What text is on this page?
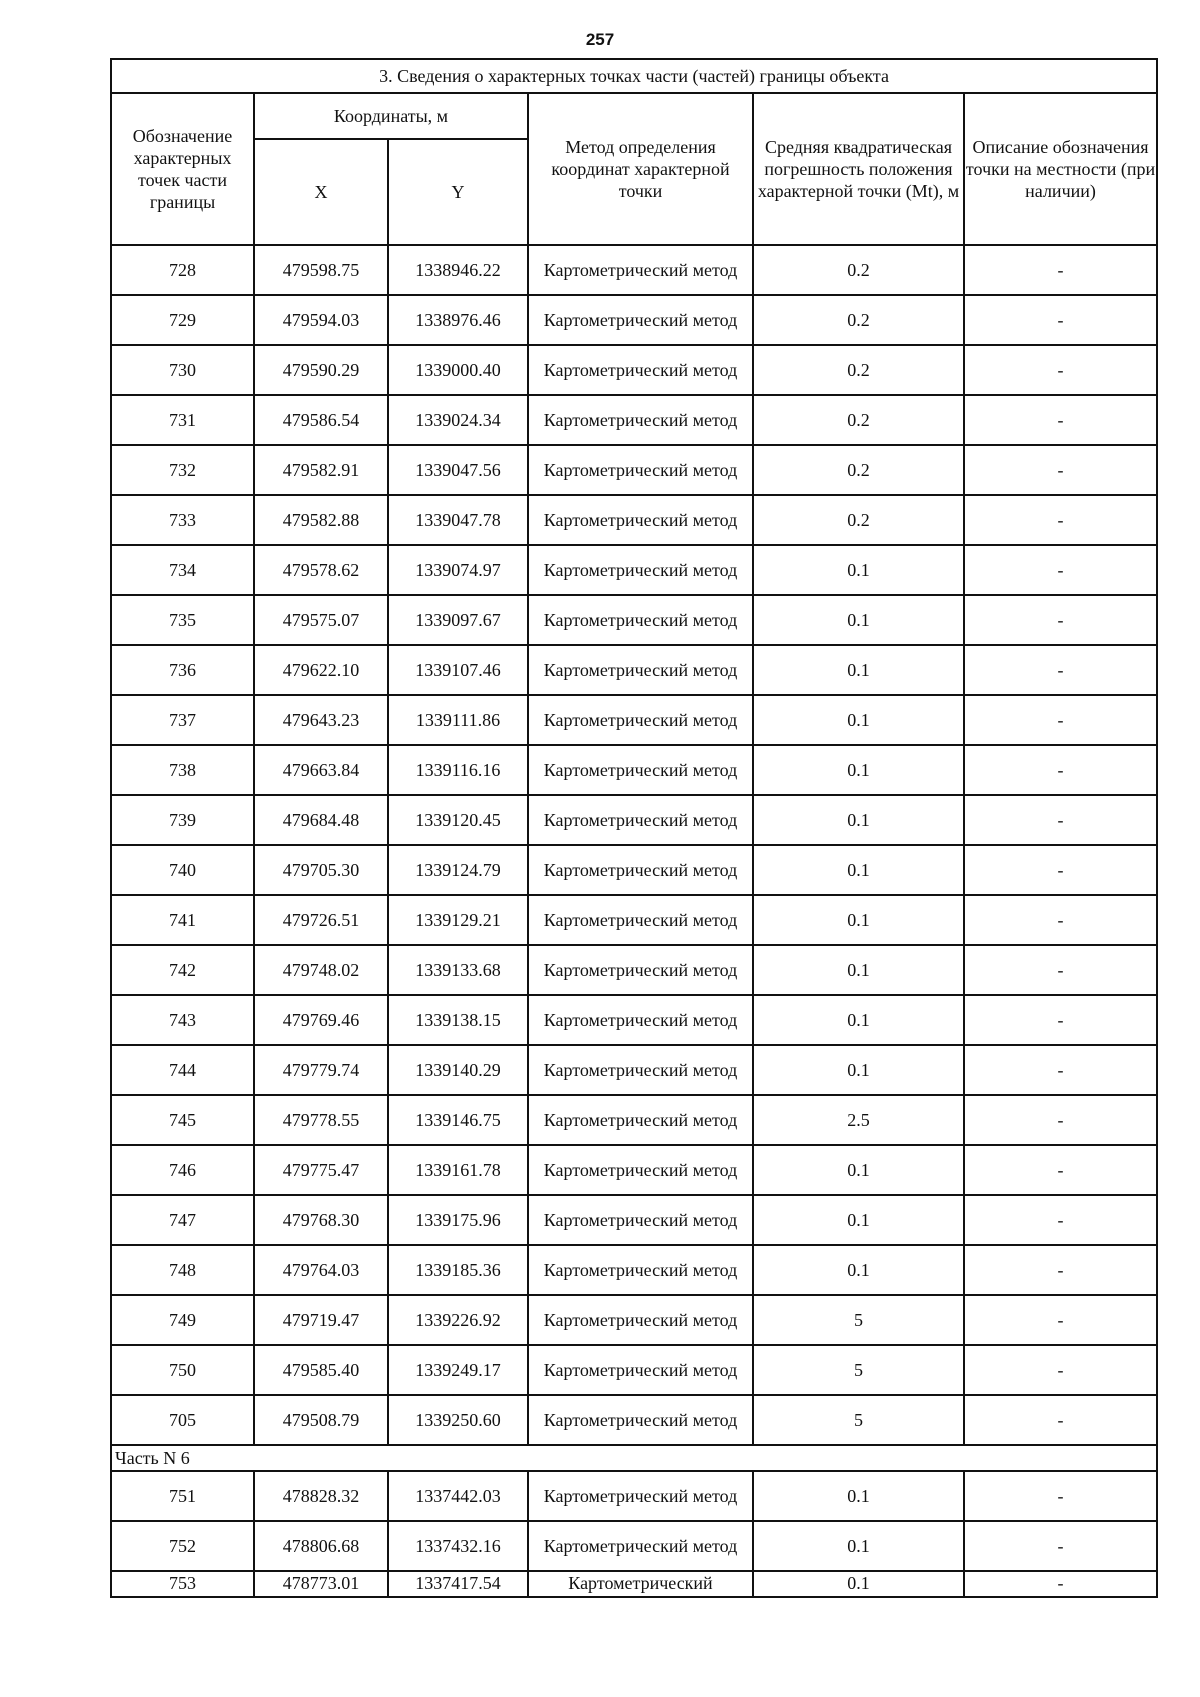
257
3. Сведения о характерных точках части (частей) границы объекта					
Обозначение характерных точек части границы	Координаты, м		Метод определения координат характерной точки	Средняя квадратическая погрешность положения характерной точки (Mt), м	Описание обозначения точки на местности (при наличии)
	X	Y			
728	479598.75	1338946.22	Картометрический метод	0.2	-
729	479594.03	1338976.46	Картометрический метод	0.2	-
730	479590.29	1339000.40	Картометрический метод	0.2	-
731	479586.54	1339024.34	Картометрический метод	0.2	-
732	479582.91	1339047.56	Картометрический метод	0.2	-
733	479582.88	1339047.78	Картометрический метод	0.2	-
734	479578.62	1339074.97	Картометрический метод	0.1	-
735	479575.07	1339097.67	Картометрический метод	0.1	-
736	479622.10	1339107.46	Картометрический метод	0.1	-
737	479643.23	1339111.86	Картометрический метод	0.1	-
738	479663.84	1339116.16	Картометрический метод	0.1	-
739	479684.48	1339120.45	Картометрический метод	0.1	-
740	479705.30	1339124.79	Картометрический метод	0.1	-
741	479726.51	1339129.21	Картометрический метод	0.1	-
742	479748.02	1339133.68	Картометрический метод	0.1	-
743	479769.46	1339138.15	Картометрический метод	0.1	-
744	479779.74	1339140.29	Картометрический метод	0.1	-
745	479778.55	1339146.75	Картометрический метод	2.5	-
746	479775.47	1339161.78	Картометрический метод	0.1	-
747	479768.30	1339175.96	Картометрический метод	0.1	-
748	479764.03	1339185.36	Картометрический метод	0.1	-
749	479719.47	1339226.92	Картометрический метод	5	-
750	479585.40	1339249.17	Картометрический метод	5	-
705	479508.79	1339250.60	Картометрический метод	5	-
Часть N 6					
751	478828.32	1337442.03	Картометрический метод	0.1	-
752	478806.68	1337432.16	Картометрический метод	0.1	-
753	478773.01	1337417.54	Картометрический	0.1	-
